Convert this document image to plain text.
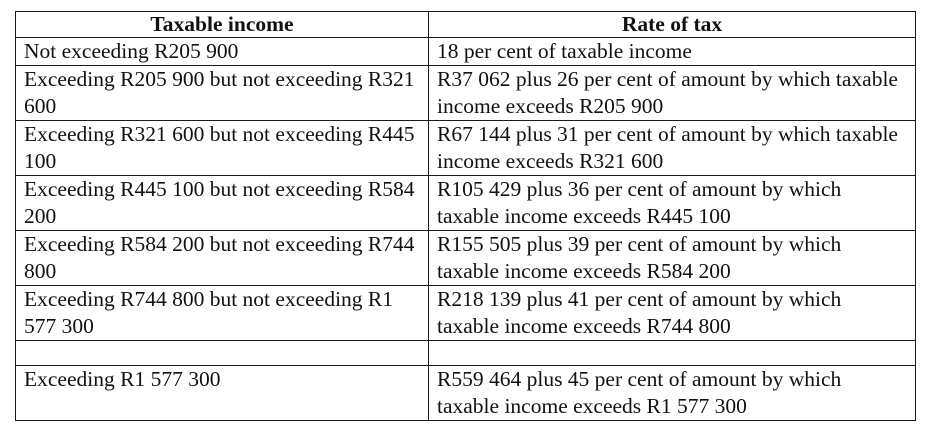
Taxable income	Rate of tax
Not exceeding R205 900	18 per cent of taxable income
Exceeding R205 900 but not exceeding R321 600	R37 062 plus 26 per cent of amount by which taxable income exceeds R205 900
Exceeding R321 600 but not exceeding R445 100	R67 144 plus 31 per cent of amount by which taxable income exceeds R321 600
Exceeding R445 100 but not exceeding R584 200	R105 429 plus 36 per cent of amount by which taxable income exceeds R445 100
Exceeding R584 200 but not exceeding R744 800	R155 505 plus 39 per cent of amount by which taxable income exceeds R584 200
Exceeding R744 800 but not exceeding R1 577 300	R218 139 plus 41 per cent of amount by which taxable income exceeds R744 800

Exceeding R1 577 300	R559 464 plus 45 per cent of amount by which taxable income exceeds R1 577 300
